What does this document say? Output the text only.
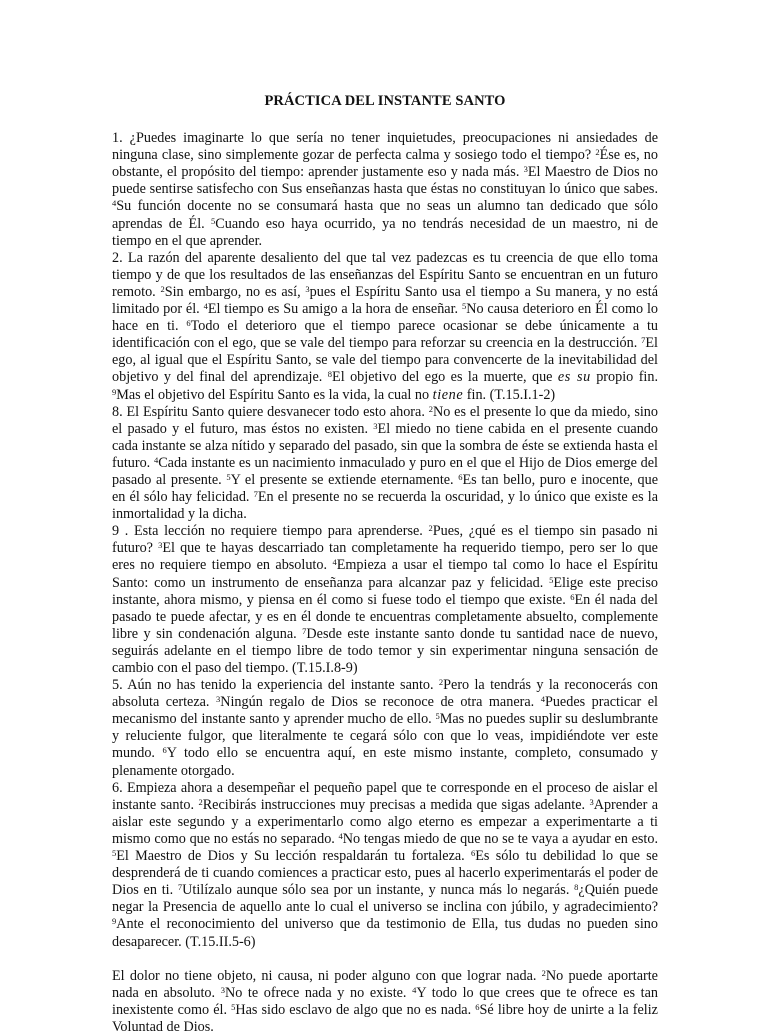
PRÁCTICA DEL INSTANTE SANTO

1. ¿Puedes imaginarte lo que sería no tener inquietudes, preocupaciones ni ansiedades de ninguna clase, sino simplemente gozar de perfecta calma y sosiego todo el tiempo? $^2$Ése es, no obstante, el propósito del tiempo: aprender justamente eso y nada más. $^3$El Maestro de Dios no puede sentirse satisfecho con Sus enseñanzas hasta que éstas no constituyan lo único que sabes. $^4$Su función docente no se consumará hasta que no seas un alumno tan dedicado que sólo aprendas de Él. $^5$Cuando eso haya ocurrido, ya no tendrás necesidad de un maestro, ni de tiempo en el que aprender.

2. La razón del aparente desaliento del que tal vez padezcas es tu creencia de que ello toma tiempo y de que los resultados de las enseñanzas del Espíritu Santo se encuentran en un futuro remoto. $^2$Sin embargo, no es así, $^3$pues el Espíritu Santo usa el tiempo a Su manera, y no está limitado por él. $^4$El tiempo es Su amigo a la hora de enseñar. $^5$No causa deterioro en Él como lo hace en ti. $^6$Todo el deterioro que el tiempo parece ocasionar se debe únicamente a tu identificación con el ego, que se vale del tiempo para reforzar su creencia en la destrucción. $^7$El ego, al igual que el Espíritu Santo, se vale del tiempo para convencerte de la inevitabilidad del objetivo y del final del aprendizaje. $^8$El objetivo del ego es la muerte, que es su propio fin. $^9$Mas el objetivo del Espíritu Santo es la vida, la cual no tiene fin. (T.15.I.1-2)

8. El Espíritu Santo quiere desvanecer todo esto ahora. $^2$No es el presente lo que da miedo, sino el pasado y el futuro, mas éstos no existen. $^3$El miedo no tiene cabida en el presente cuando cada instante se alza nítido y separado del pasado, sin que la sombra de éste se extienda hasta el futuro. $^4$Cada instante es un nacimiento inmaculado y puro en el que el Hijo de Dios emerge del pasado al presente. $^5$Y el presente se extiende eternamente. $^6$Es tan bello, puro e inocente, que en él sólo hay felicidad. $^7$En el presente no se recuerda la oscuridad, y lo único que existe es la inmortalidad y la dicha.

9 . Esta lección no requiere tiempo para aprenderse. $^2$Pues, ¿qué es el tiempo sin pasado ni futuro? $^3$El que te hayas descarriado tan completamente ha requerido tiempo, pero ser lo que eres no requiere tiempo en absoluto. $^4$Empieza a usar el tiempo tal como lo hace el Espíritu Santo: como un instrumento de enseñanza para alcanzar paz y felicidad. $^5$Elige este preciso instante, ahora mismo, y piensa en él como si fuese todo el tiempo que existe. $^6$En él nada del pasado te puede afectar, y es en él donde te encuentras completamente absuelto, complemente libre y sin condenación alguna. $^7$Desde este instante santo donde tu santidad nace de nuevo, seguirás adelante en el tiempo libre de todo temor y sin experimentar ninguna sensación de cambio con el paso del tiempo. (T.15.I.8-9)

5. Aún no has tenido la experiencia del instante santo. $^2$Pero la tendrás y la reconocerás con absoluta certeza. $^3$Ningún regalo de Dios se reconoce de otra manera. $^4$Puedes practicar el mecanismo del instante santo y aprender mucho de ello. $^5$Mas no puedes suplir su deslumbrante y reluciente fulgor, que literalmente te cegará sólo con que lo veas, impidiéndote ver este mundo. $^6$Y todo ello se encuentra aquí, en este mismo instante, completo, consumado y plenamente otorgado.

6. Empieza ahora a desempeñar el pequeño papel que te corresponde en el proceso de aislar el instante santo. $^2$Recibirás instrucciones muy precisas a medida que sigas adelante. $^3$Aprender a aislar este segundo y a experimentarlo como algo eterno es empezar a experimentarte a ti mismo como que no estás no separado. $^4$No tengas miedo de que no se te vaya a ayudar en esto. $^5$El Maestro de Dios y Su lección respaldarán tu fortaleza. $^6$Es sólo tu debilidad lo que se desprenderá de ti cuando comiences a practicar esto, pues al hacerlo experimentarás el poder de Dios en ti. $^7$Utilízalo aunque sólo sea por un instante, y nunca más lo negarás. $^8$¿Quién puede negar la Presencia de aquello ante lo cual el universo se inclina con júbilo, y agradecimiento? $^9$Ante el reconocimiento del universo que da testimonio de Ella, tus dudas no pueden sino desaparecer. (T.15.II.5-6)

El dolor no tiene objeto, ni causa, ni poder alguno con que lograr nada. $^2$No puede aportarte nada en absoluto. $^3$No te ofrece nada y no existe. $^4$Y todo lo que crees que te ofrece es tan inexistente como él. $^5$Has sido esclavo de algo que no es nada. $^6$Sé libre hoy de unirte a la feliz Voluntad de Dios.
